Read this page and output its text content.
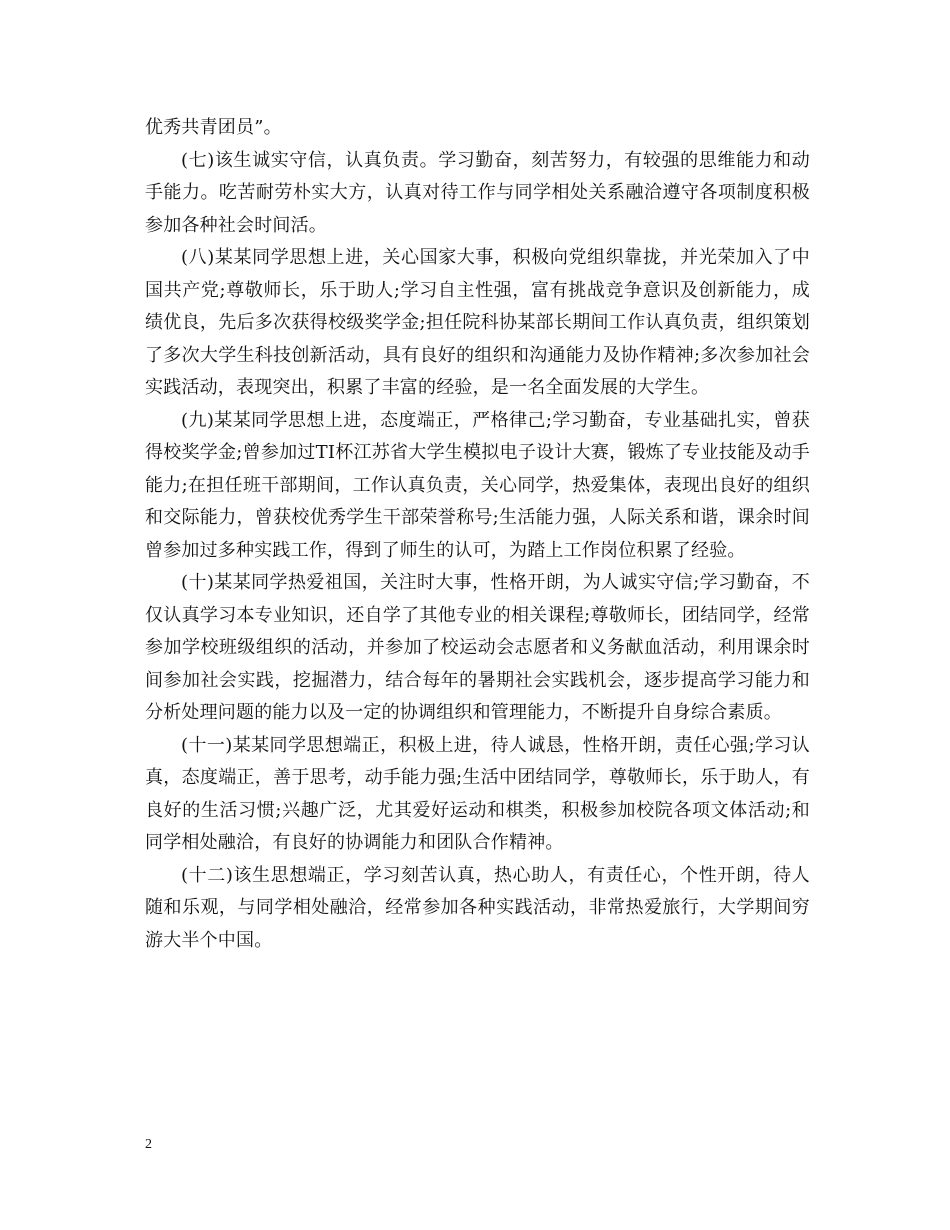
优秀共青团员”。

(七)该生诚实守信，认真负责。学习勤奋，刻苦努力，有较强的思维能力和动手能力。吃苦耐劳朴实大方，认真对待工作与同学相处关系融洽遵守各项制度积极参加各种社会时间活。

(八)某某同学思想上进，关心国家大事，积极向党组织靠拢，并光荣加入了中国共产党;尊敬师长，乐于助人;学习自主性强，富有挑战竞争意识及创新能力，成绩优良，先后多次获得校级奖学金;担任院科协某部长期间工作认真负责，组织策划了多次大学生科技创新活动，具有良好的组织和沟通能力及协作精神;多次参加社会实践活动，表现突出，积累了丰富的经验，是一名全面发展的大学生。

(九)某某同学思想上进，态度端正，严格律己;学习勤奋，专业基础扎实，曾获得校奖学金;曾参加过TI杯江苏省大学生模拟电子设计大赛，锻炼了专业技能及动手能力;在担任班干部期间，工作认真负责，关心同学，热爱集体，表现出良好的组织和交际能力，曾获校优秀学生干部荣誉称号;生活能力强，人际关系和谐，课余时间曾参加过多种实践工作，得到了师生的认可，为踏上工作岗位积累了经验。

(十)某某同学热爱祖国，关注时大事，性格开朗，为人诚实守信;学习勤奋，不仅认真学习本专业知识，还自学了其他专业的相关课程;尊敬师长，团结同学，经常参加学校班级组织的活动，并参加了校运动会志愿者和义务献血活动，利用课余时间参加社会实践，挖掘潜力，结合每年的暑期社会实践机会，逐步提高学习能力和分析处理问题的能力以及一定的协调组织和管理能力，不断提升自身综合素质。

(十一)某某同学思想端正，积极上进，待人诚恳，性格开朗，责任心强;学习认真，态度端正，善于思考，动手能力强;生活中团结同学，尊敬师长，乐于助人，有良好的生活习惯;兴趣广泛，尤其爱好运动和棋类，积极参加校院各项文体活动;和同学相处融洽，有良好的协调能力和团队合作精神。

(十二)该生思想端正，学习刻苦认真，热心助人，有责任心，个性开朗，待人随和乐观，与同学相处融洽，经常参加各种实践活动，非常热爱旅行，大学期间穷游大半个中国。

2
